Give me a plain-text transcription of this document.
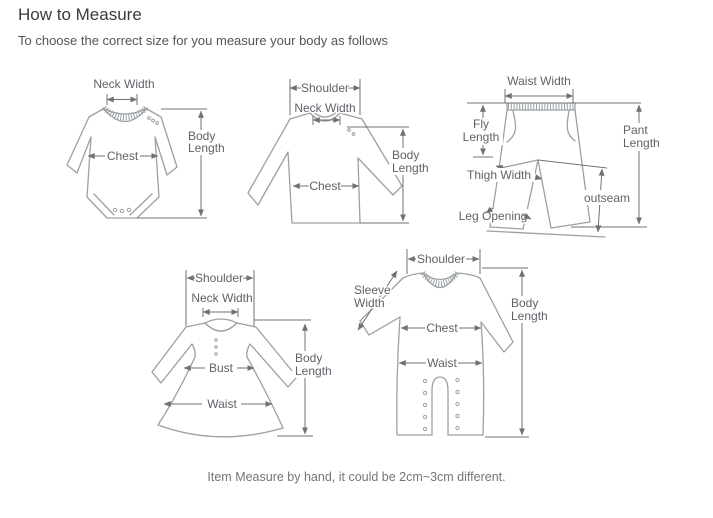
How to Measure
To choose the correct size for you measure your body as follows
Neck Width
Chest
Body
Length
Shoulder
Neck Width
Chest
Body
Length
Waist Width
Fly
Length
Thigh Width
Leg Opening
outseam
Pant
Length
Shoulder
Neck Width
Bust
Waist
Body
Length
Shoulder
Sleeve
Width
Chest
Waist
Body
Length
Item Measure by hand, it could be 2cm~3cm different.
